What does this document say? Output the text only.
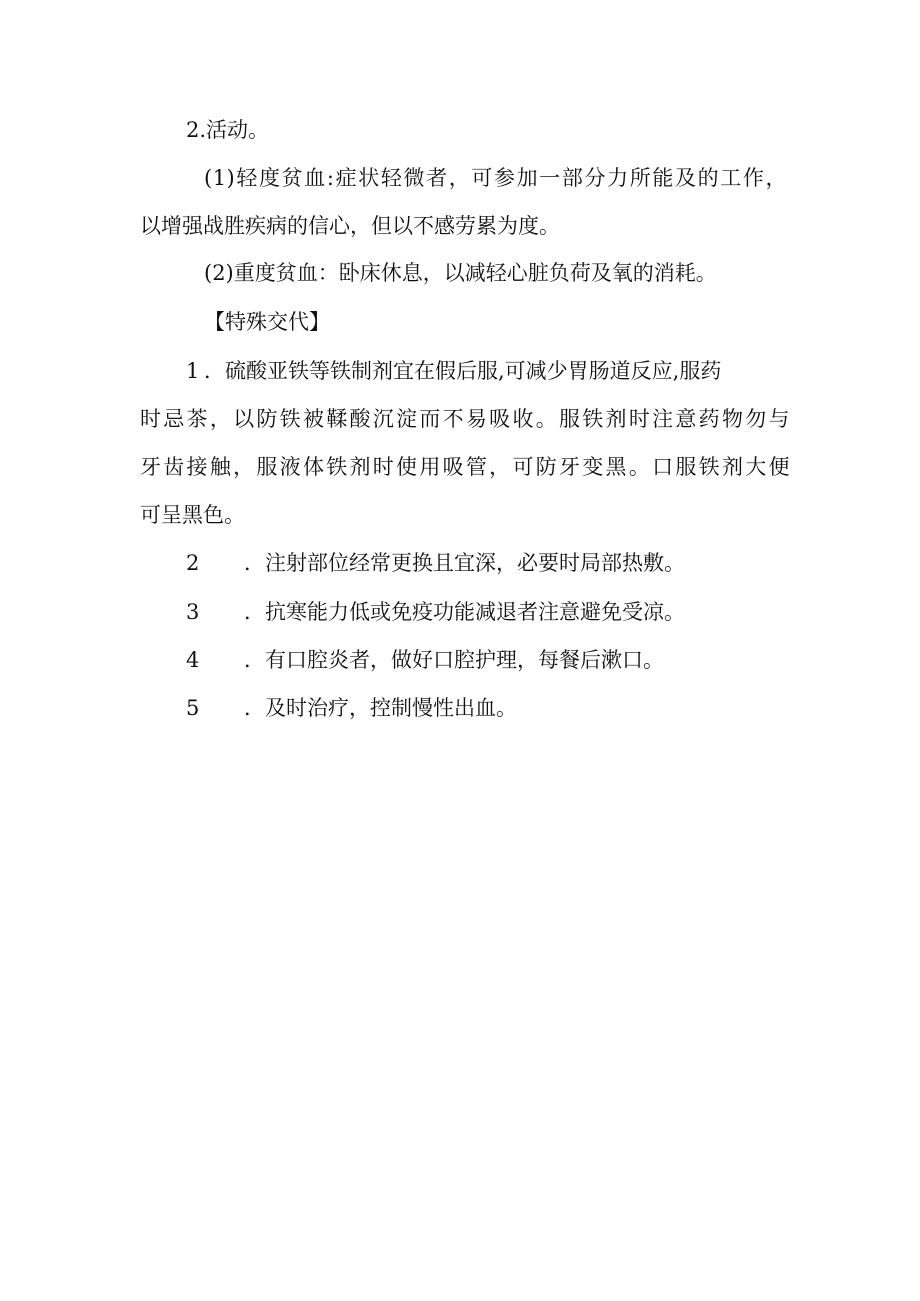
2.活动。
(1)轻度贫血:症状轻微者，可参加一部分力所能及的工作，
以增强战胜疾病的信心，但以不感劳累为度。
(2)重度贫血：卧床休息，以减轻心脏负荷及氧的消耗。
【特殊交代】
1 ．硫酸亚铁等铁制剂宜在假后服,可减少胃肠道反应,服药
时忌茶，以防铁被鞣酸沉淀而不易吸收。服铁剂时注意药物勿与
牙齿接触，服液体铁剂时使用吸管，可防牙变黑。口服铁剂大便
可呈黑色。
2 ．注射部位经常更换且宜深，必要时局部热敷。
3 ．抗寒能力低或免疫功能减退者注意避免受凉。
4 ．有口腔炎者，做好口腔护理，每餐后漱口。
5 ．及时治疗，控制慢性出血。
